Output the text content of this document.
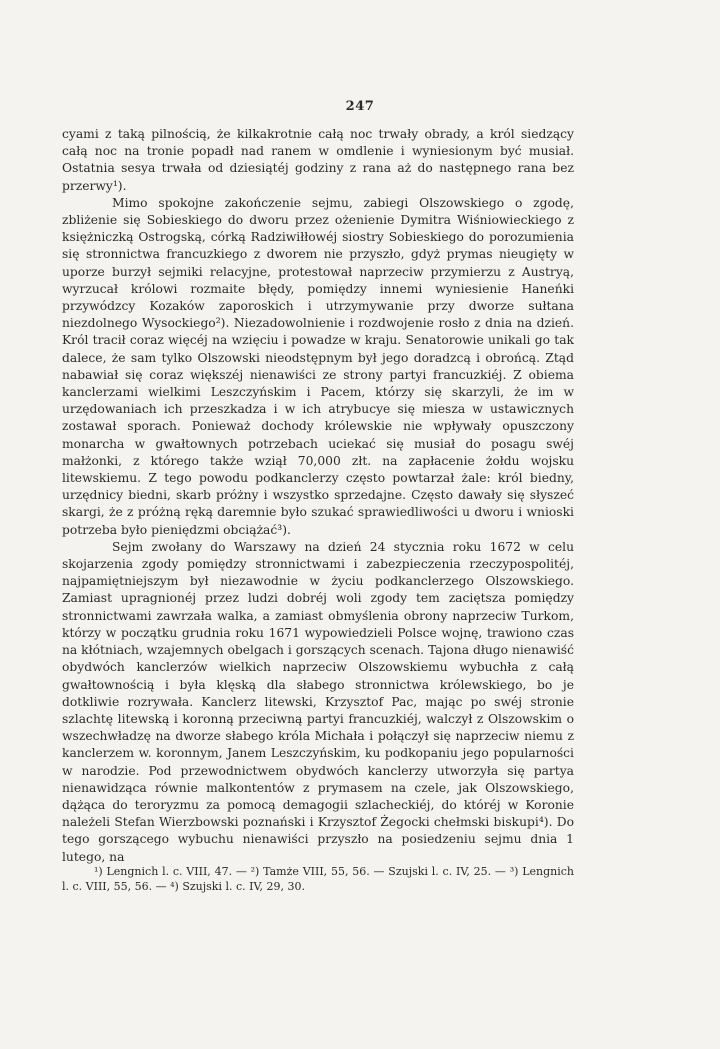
247

cyami z taką pilnością, że kilkakrotnie całą noc trwały obrady, a król siedzący całą noc na tronie popadł nad ranem w omdlenie i wyniesionym być musiał. Ostatnia sesya trwała od dziesiątéj godziny z rana aż do następnego rana bez przerwy¹).

Mimo spokojne zakończenie sejmu, zabiegi Olszowskiego o zgodę, zbliżenie się Sobieskiego do dworu przez ożenienie Dymitra Wiśniowieckiego z księżniczką Ostrogską, córką Radziwiłłowéj siostry Sobieskiego do porozumienia się stronnictwa francuzkiego z dworem nie przyszło, gdyż prymas nieugięty w uporze burzył sejmiki relacyjne, protestował naprzeciw przymierzu z Austryą, wyrzucał królowi rozmaite błędy, pomiędzy innemi wyniesienie Haneńki przywódzcy Kozaków zaporoskich i utrzymywanie przy dworze sułtana niezdolnego Wysockiego²). Niezadowolnienie i rozdwojenie rosło z dnia na dzień. Król tracił coraz więcéj na wzięciu i powadze w kraju. Senatorowie unikali go tak dalece, że sam tylko Olszowski nieodstępnym był jego doradzcą i obrońcą. Ztąd nabawiał się coraz większéj nienawiści ze strony partyi francuzkiéj. Z obiema kanclerzami wielkimi Leszczyńskim i Pacem, którzy się skarzyli, że im w urzędowaniach ich przeszkadza i w ich atrybucye się miesza w ustawicznych zostawał sporach. Ponieważ dochody królewskie nie wpływały opuszczony monarcha w gwałtownych potrzebach uciekać się musiał do posagu swéj małżonki, z którego także wziął 70,000 złt. na zapłacenie żołdu wojsku litewskiemu. Z tego powodu podkanclerzy często powtarzał żale: król biedny, urzędnicy biedni, skarb próżny i wszystko sprzedajne. Często dawały się słyszeć skargi, że z próżną ręką daremnie było szukać sprawiedliwości u dworu i wnioski potrzeba było pieniędzmi obciążać³).

Sejm zwołany do Warszawy na dzień 24 stycznia roku 1672 w celu skojarzenia zgody pomiędzy stronnictwami i zabezpieczenia rzeczypospolitéj, najpamiętniejszym był niezawodnie w życiu podkanclerzego Olszowskiego. Zamiast upragnionéj przez ludzi dobréj woli zgody tem zaciętsza pomiędzy stronnictwami zawrzała walka, a zamiast obmyślenia obrony naprzeciw Turkom, którzy w początku grudnia roku 1671 wypowiedzieli Polsce wojnę, trawiono czas na kłótniach, wzajemnych obelgach i gorszących scenach. Tajona długo nienawiść obydwóch kanclerzów wielkich naprzeciw Olszowskiemu wybuchła z całą gwałtownością i była klęską dla słabego stronnictwa królewskiego, bo je dotkliwie rozrywała. Kanclerz litewski, Krzysztof Pac, mając po swéj stronie szlachtę litewską i koronną przeciwną partyi francuzkiéj, walczył z Olszowskim o wszechwładzę na dworze słabego króla Michała i połączył się naprzeciw niemu z kanclerzem w. koronnym, Janem Leszczyńskim, ku podkopaniu jego popularności w narodzie. Pod przewodnictwem obydwóch kanclerzy utworzyła się partya nienawidząca równie malkontentów z prymasem na czele, jak Olszowskiego, dążąca do teroryzmu za pomocą demagogii szlacheckiéj, do któréj w Koronie należeli Stefan Wierzbowski poznański i Krzysztof Żegocki chełmski biskupi⁴). Do tego gorszącego wybuchu nienawiści przyszło na posiedzeniu sejmu dnia 1 lutego, na

¹) Lengnich l. c. VIII, 47. — ²) Tamże VIII, 55, 56. — Szujski l. c. IV, 25. — ³) Lengnich l. c. VIII, 55, 56. — ⁴) Szujski l. c. IV, 29, 30.
